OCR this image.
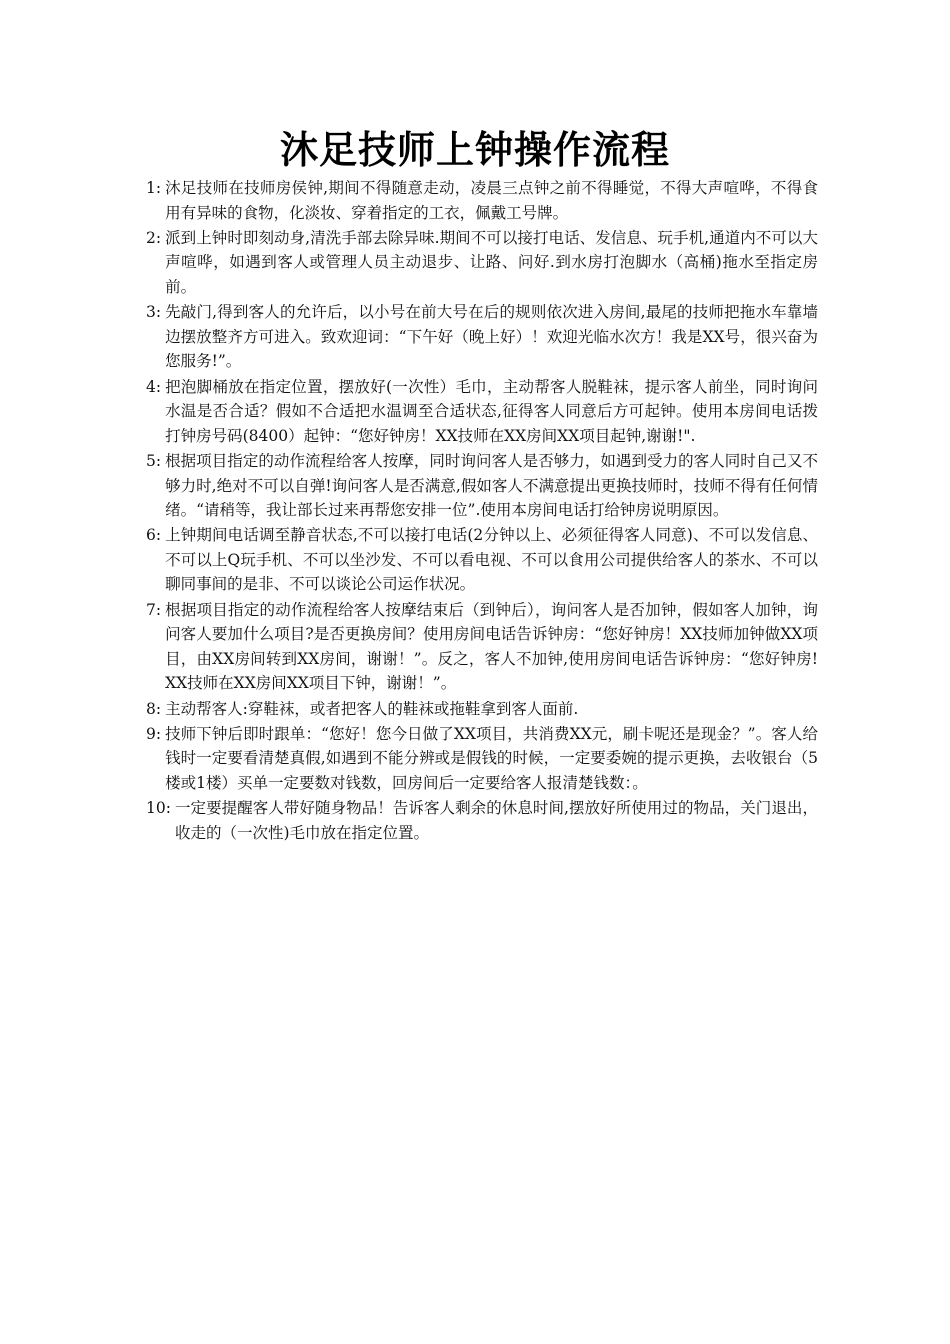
沐足技师上钟操作流程
1: 沐足技师在技师房侯钟,期间不得随意走动，凌晨三点钟之前不得睡觉，不得大声喧哗，不得食用有异味的食物，化淡妆、穿着指定的工衣，佩戴工号牌。
2: 派到上钟时即刻动身,清洗手部去除异味.期间不可以接打电话、发信息、玩手机,通道内不可以大声喧哗，如遇到客人或管理人员主动退步、让路、问好.到水房打泡脚水（高桶)拖水至指定房前。
3: 先敲门,得到客人的允许后，以小号在前大号在后的规则依次进入房间,最尾的技师把拖水车靠墙边摆放整齐方可进入。致欢迎词：“下午好（晚上好）！欢迎光临水次方！我是XX号，很兴奋为您服务!”。
4: 把泡脚桶放在指定位置，摆放好(一次性）毛巾，主动帮客人脱鞋袜，提示客人前坐，同时询问水温是否合适？假如不合适把水温调至合适状态,征得客人同意后方可起钟。使用本房间电话拨打钟房号码(8400）起钟：“您好钟房！XX技师在XX房间XX项目起钟,谢谢!".
5: 根据项目指定的动作流程给客人按摩，同时询问客人是否够力，如遇到受力的客人同时自己又不够力时,绝对不可以自弹!询问客人是否满意,假如客人不满意提出更换技师时，技师不得有任何情绪。“请稍等，我让部长过来再帮您安排一位”.使用本房间电话打给钟房说明原因。
6: 上钟期间电话调至静音状态,不可以接打电话(2分钟以上、必须征得客人同意)、不可以发信息、不可以上Q玩手机、不可以坐沙发、不可以看电视、不可以食用公司提供给客人的茶水、不可以聊同事间的是非、不可以谈论公司运作状况。
7: 根据项目指定的动作流程给客人按摩结束后（到钟后），询问客人是否加钟，假如客人加钟，询问客人要加什么项目?是否更换房间？使用房间电话告诉钟房：“您好钟房！XX技师加钟做XX项目，由XX房间转到XX房间，谢谢！”。反之，客人不加钟,使用房间电话告诉钟房：“您好钟房!XX技师在XX房间XX项目下钟，谢谢！”。
8: 主动帮客人:穿鞋袜，或者把客人的鞋袜或拖鞋拿到客人面前.
9: 技师下钟后即时跟单：“您好！您今日做了XX项目，共消费XX元，刷卡呢还是现金？”。客人给钱时一定要看清楚真假,如遇到不能分辨或是假钱的时候，一定要委婉的提示更换，去收银台（5楼或1楼）买单一定要数对钱数，回房间后一定要给客人报清楚钱数：。
10: 一定要提醒客人带好随身物品！告诉客人剩余的休息时间,摆放好所使用过的物品，关门退出，收走的（一次性)毛巾放在指定位置。
